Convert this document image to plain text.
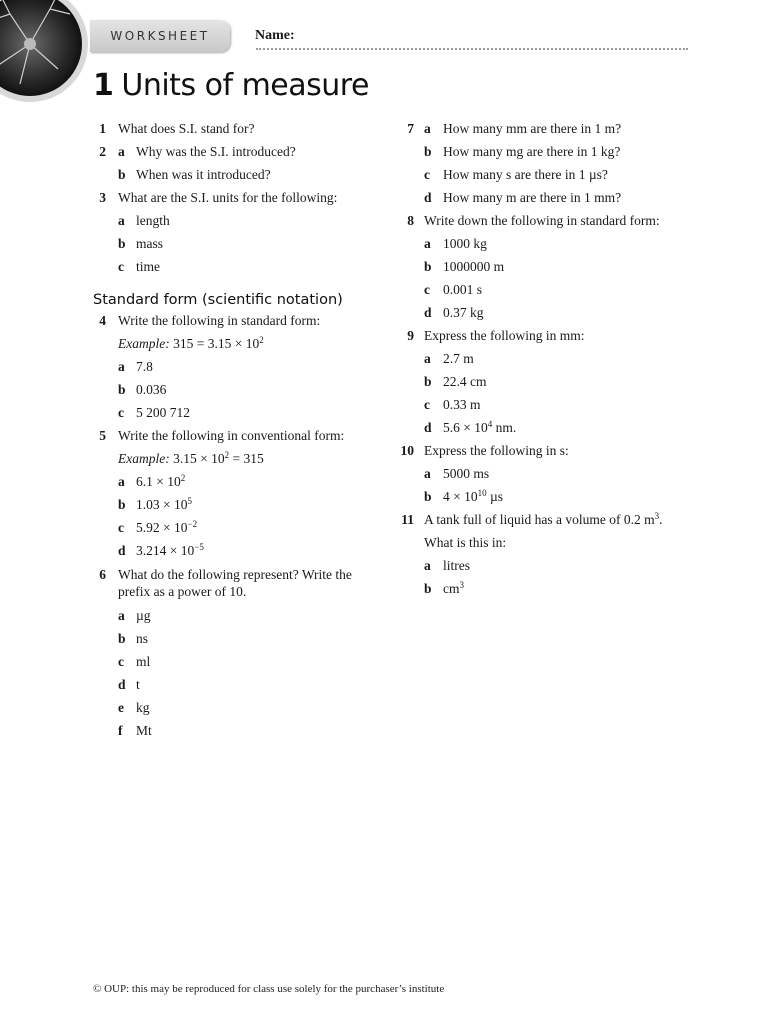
WORKSHEET	Name:
1 Units of measure
1 What does S.I. stand for?
2 a Why was the S.I. introduced?
b When was it introduced?
3 What are the S.I. units for the following:
a length
b mass
c time
Standard form (scientific notation)
4 Write the following in standard form:
Example: $315 = 3.15 \times 10^2$
a 7.8
b 0.036
c 5 200 712
5 Write the following in conventional form:
Example: $3.15 \times 10^2 = 315$
a $6.1 \times 10^2$
b $1.03 \times 10^5$
c $5.92 \times 10^{-2}$
d $3.214 \times 10^{-5}$
6 What do the following represent? Write the prefix as a power of 10.
a µg
b ns
c ml
d t
e kg
f Mt
7 a How many mm are there in 1 m?
b How many mg are there in 1 kg?
c How many s are there in 1 µs?
d How many m are there in 1 mm?
8 Write down the following in standard form:
a 1000 kg
b 1000000 m
c 0.001 s
d 0.37 kg
9 Express the following in mm:
a 2.7 m
b 22.4 cm
c 0.33 m
d $5.6 \times 10^4$ nm.
10 Express the following in s:
a 5000 ms
b $4 \times 10^{10}$ µs
11 A tank full of liquid has a volume of 0.2 $m^3$.
What is this in:
a litres
b $cm^3$
© OUP: this may be reproduced for class use solely for the purchaser’s institute
